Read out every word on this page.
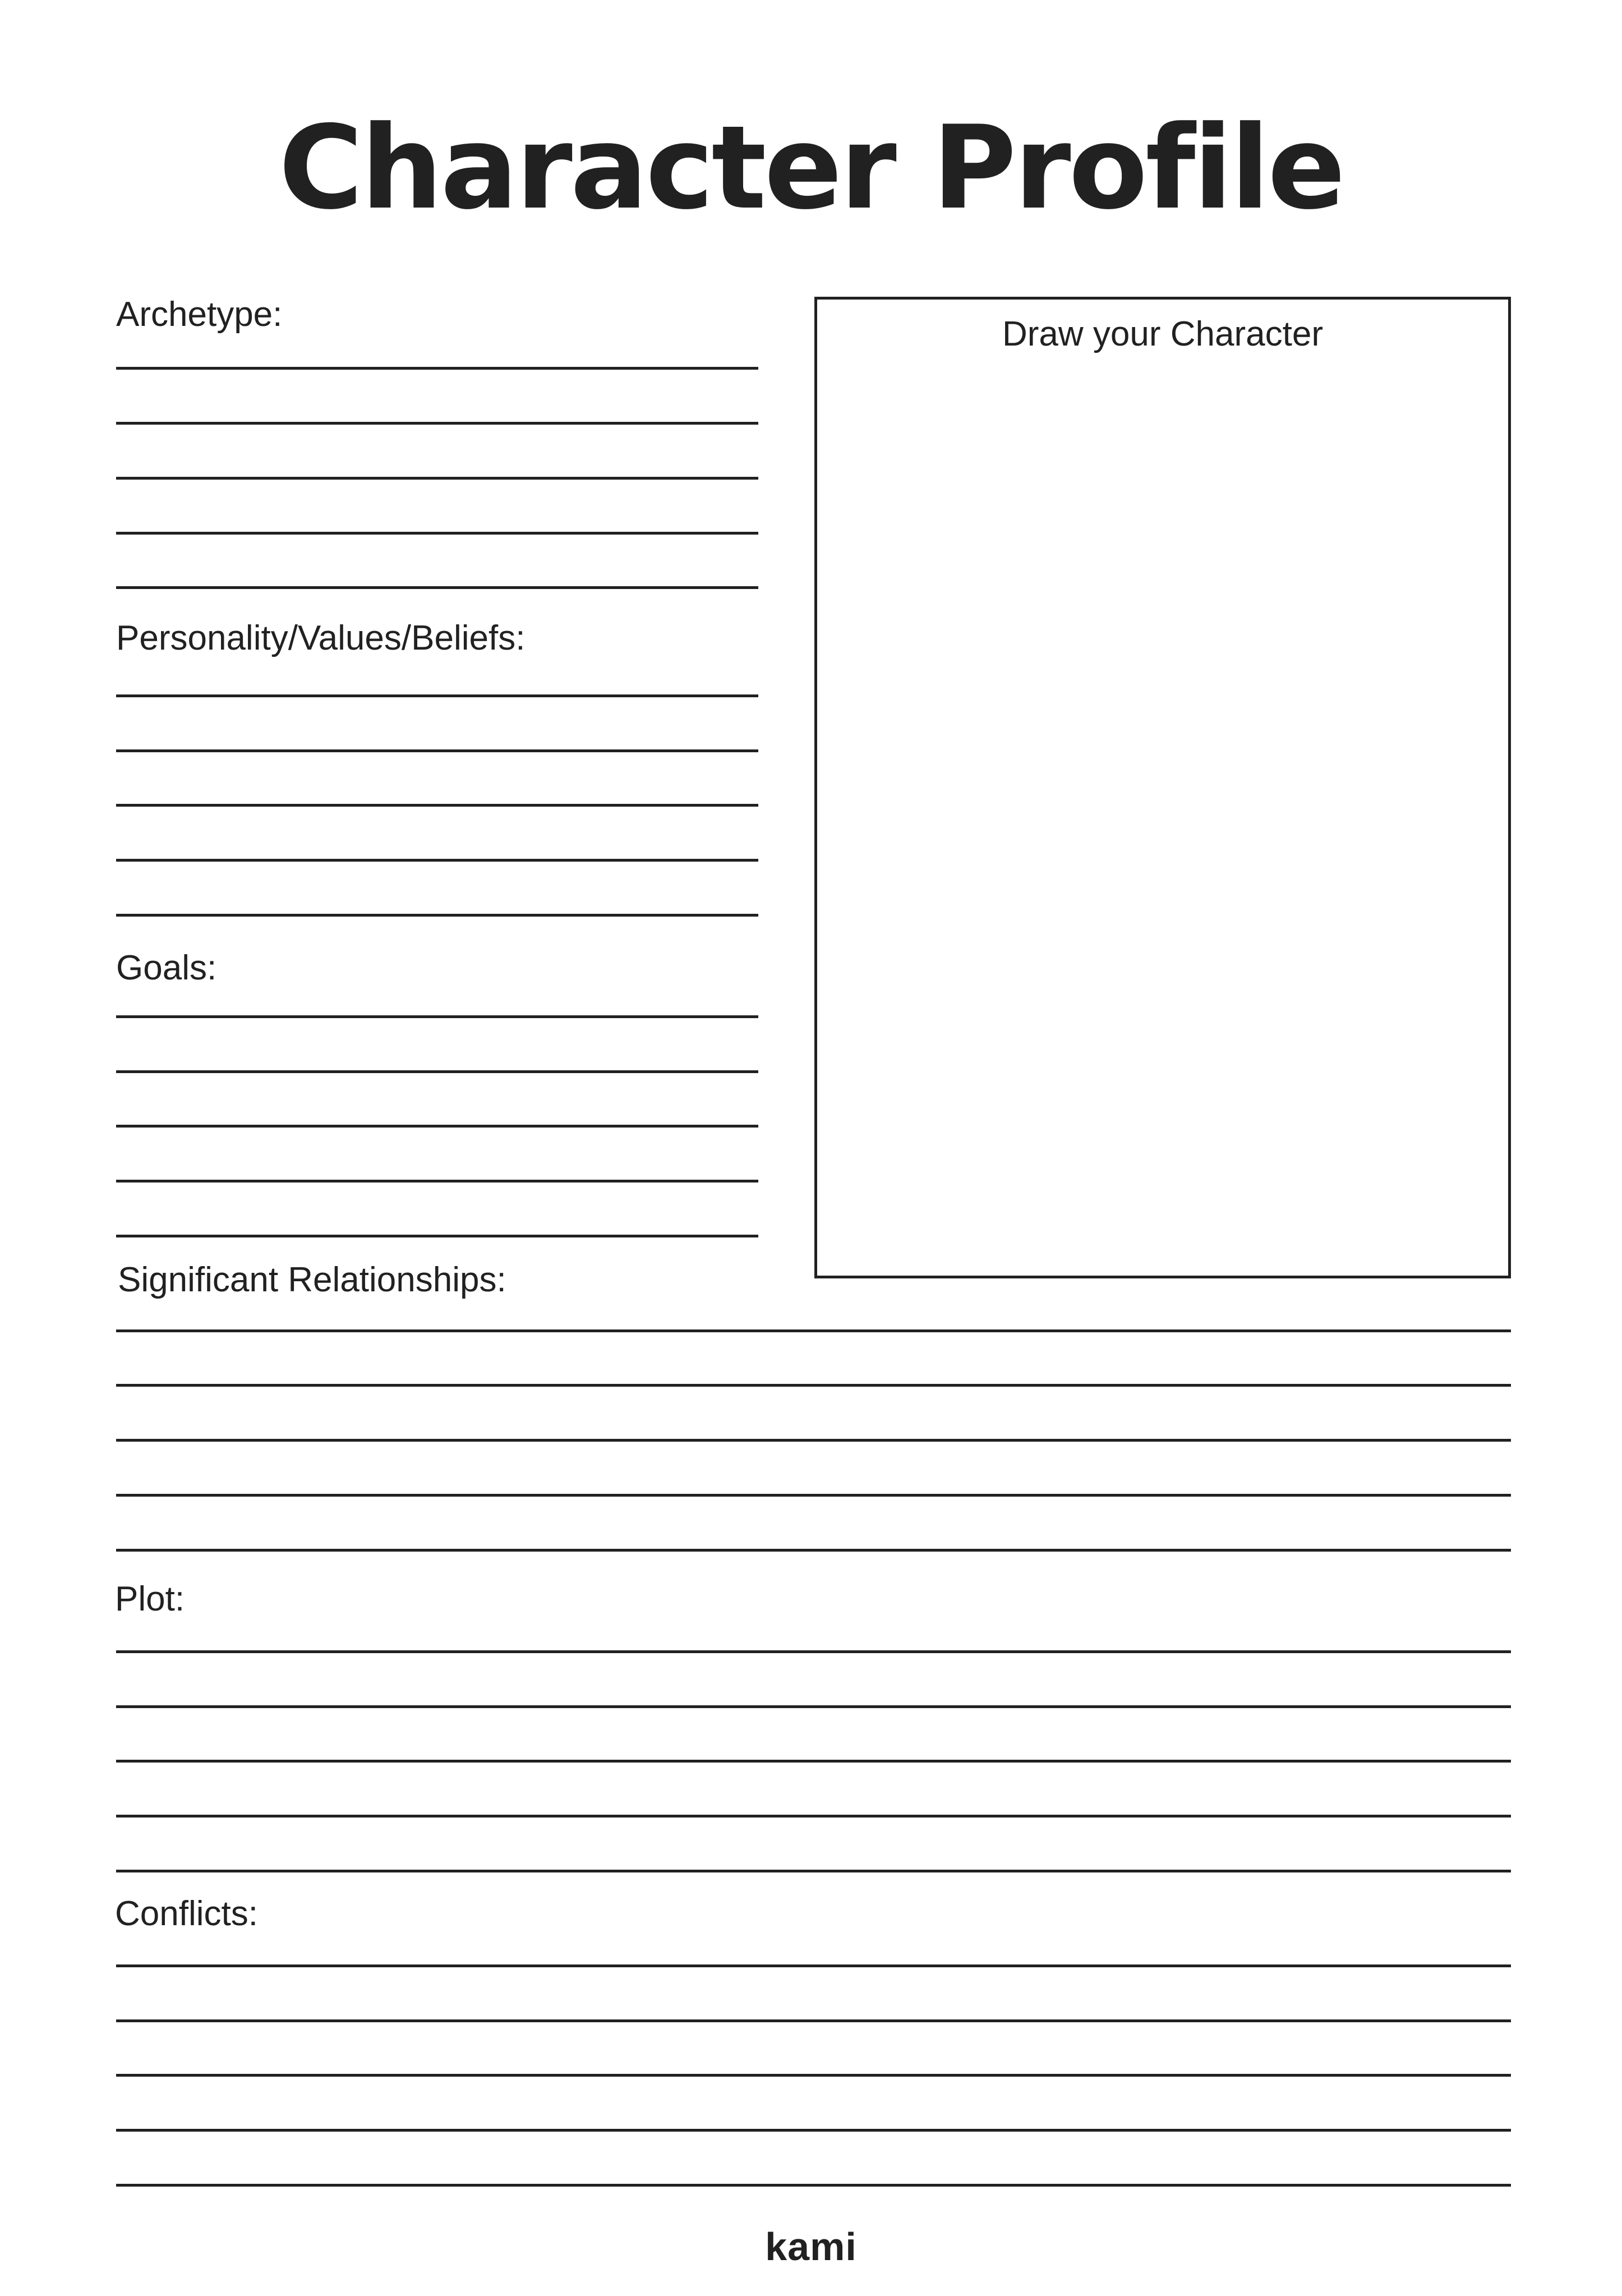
Character Profile
Archetype:
Personality/Values/Beliefs:
Goals:
Draw your Character
Significant Relationships:
Plot:
Conflicts:
kami
